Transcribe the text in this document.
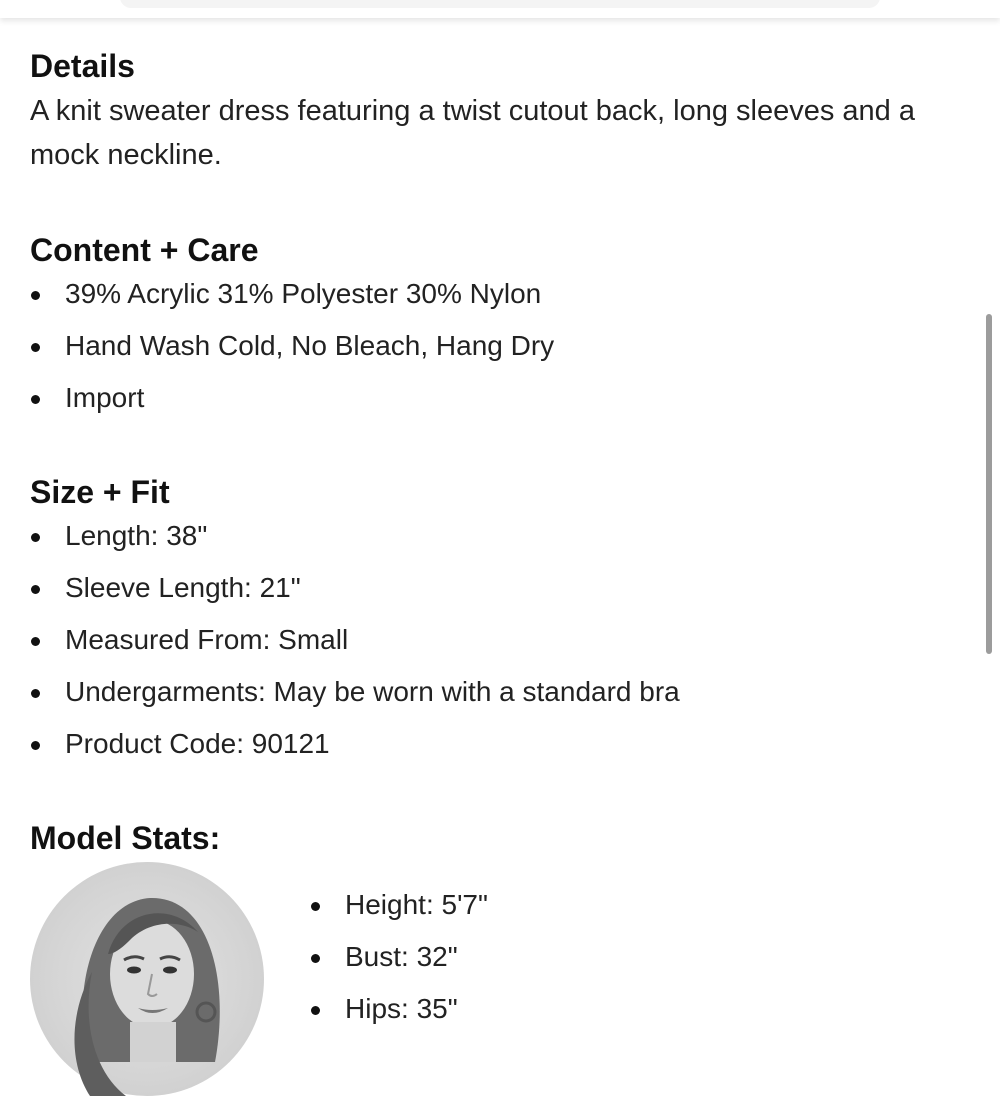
Details

A knit sweater dress featuring a twist cutout back, long sleeves and a mock neckline.

Content + Care
39% Acrylic 31% Polyester 30% Nylon
Hand Wash Cold, No Bleach, Hang Dry
Import
Size + Fit
Length: 38"
Sleeve Length: 21"
Measured From: Small
Undergarments: May be worn with a standard bra
Product Code: 90121
Model Stats:
Height: 5'7"
Bust: 32"
Hips: 35"
